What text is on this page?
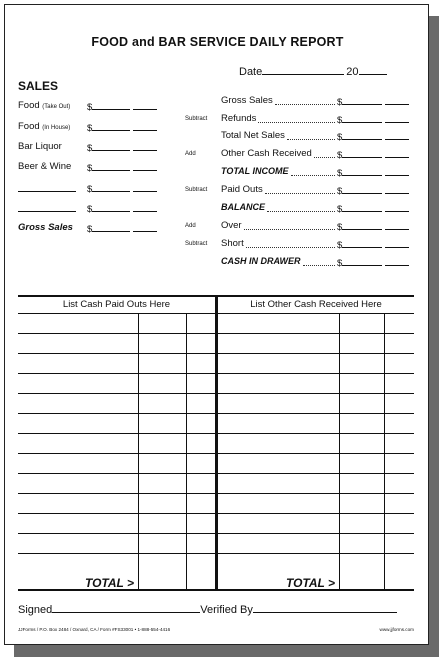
FOOD and BAR SERVICE DAILY REPORT
Date	20
SALES
Food (Take Out) $
Food (In House) $
Bar Liquor	$
Beer & Wine $
$
$
Gross Sales $
Gross Sales	$
Subtract Refunds	$
Total Net Sales	$
Add	Other Cash Received	$
TOTAL INCOME	$
Subtract Paid Outs	$
BALANCE	$
Add	Over	$
Subtract Short	$
CASH IN DRAWER	$
List Cash Paid Outs Here	List Other Cash Received Here
TOTAL >	TOTAL >
Signed	Verified By
JJForms / P.O. Box 2484 / Oxnard, CA / Form #FS33001 • 1-888-554-4416	www.jjforms.com
